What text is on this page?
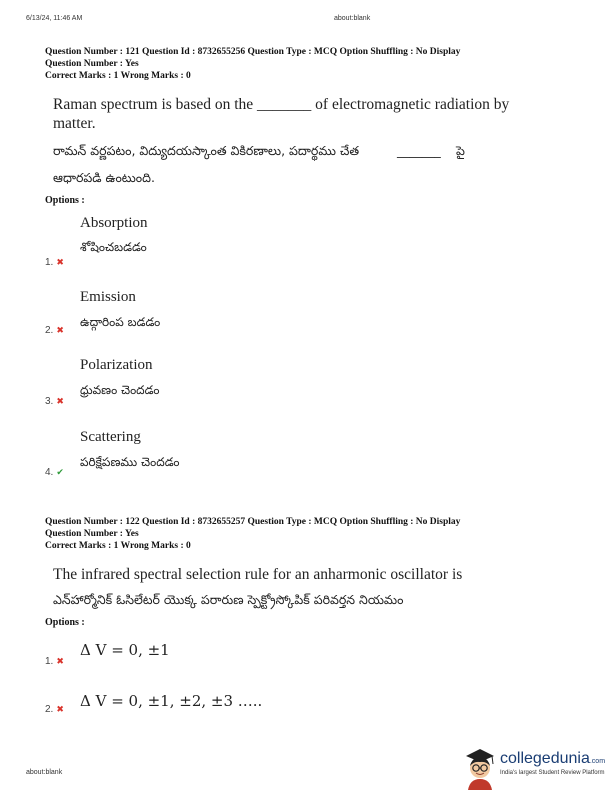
6/13/24, 11:46 AM	about:blank
Question Number : 121 Question Id : 8732655256 Question Type : MCQ Option Shuffling : No Display
Question Number : Yes
Correct Marks : 1 Wrong Marks : 0
Raman spectrum is based on the _______ of electromagnetic radiation by
matter.
రామన్ వర్ణపటం, విద్యుదయస్కాంత వికిరణాలు, పదార్థము చేత	_______ పై
ఆధారపడి ఉంటుంది.
Options :
Absorption
శోషించబడడం
1. ✖
Emission
ఉద్గారింప బడడం
2. ✖
Polarization
ధ్రువణం చెందడం
3. ✖
Scattering
పరిక్షేపణము చెందడం
4. ✔
Question Number : 122 Question Id : 8732655257 Question Type : MCQ Option Shuffling : No Display
Question Number : Yes
Correct Marks : 1 Wrong Marks : 0
The infrared spectral selection rule for an anharmonic oscillator is
ఎన్‌హార్మోనిక్ ఓసిలేటర్ యొక్క పరారుణ స్పెక్ట్రోస్కోపిక్ పరివర్తన నియమం
Options :
Δ V = 0, ±1
1. ✖
Δ V = 0, ±1, ±2, ±3 …..
2. ✖
about:blank
collegedunia.com
India's largest Student Review Platform
